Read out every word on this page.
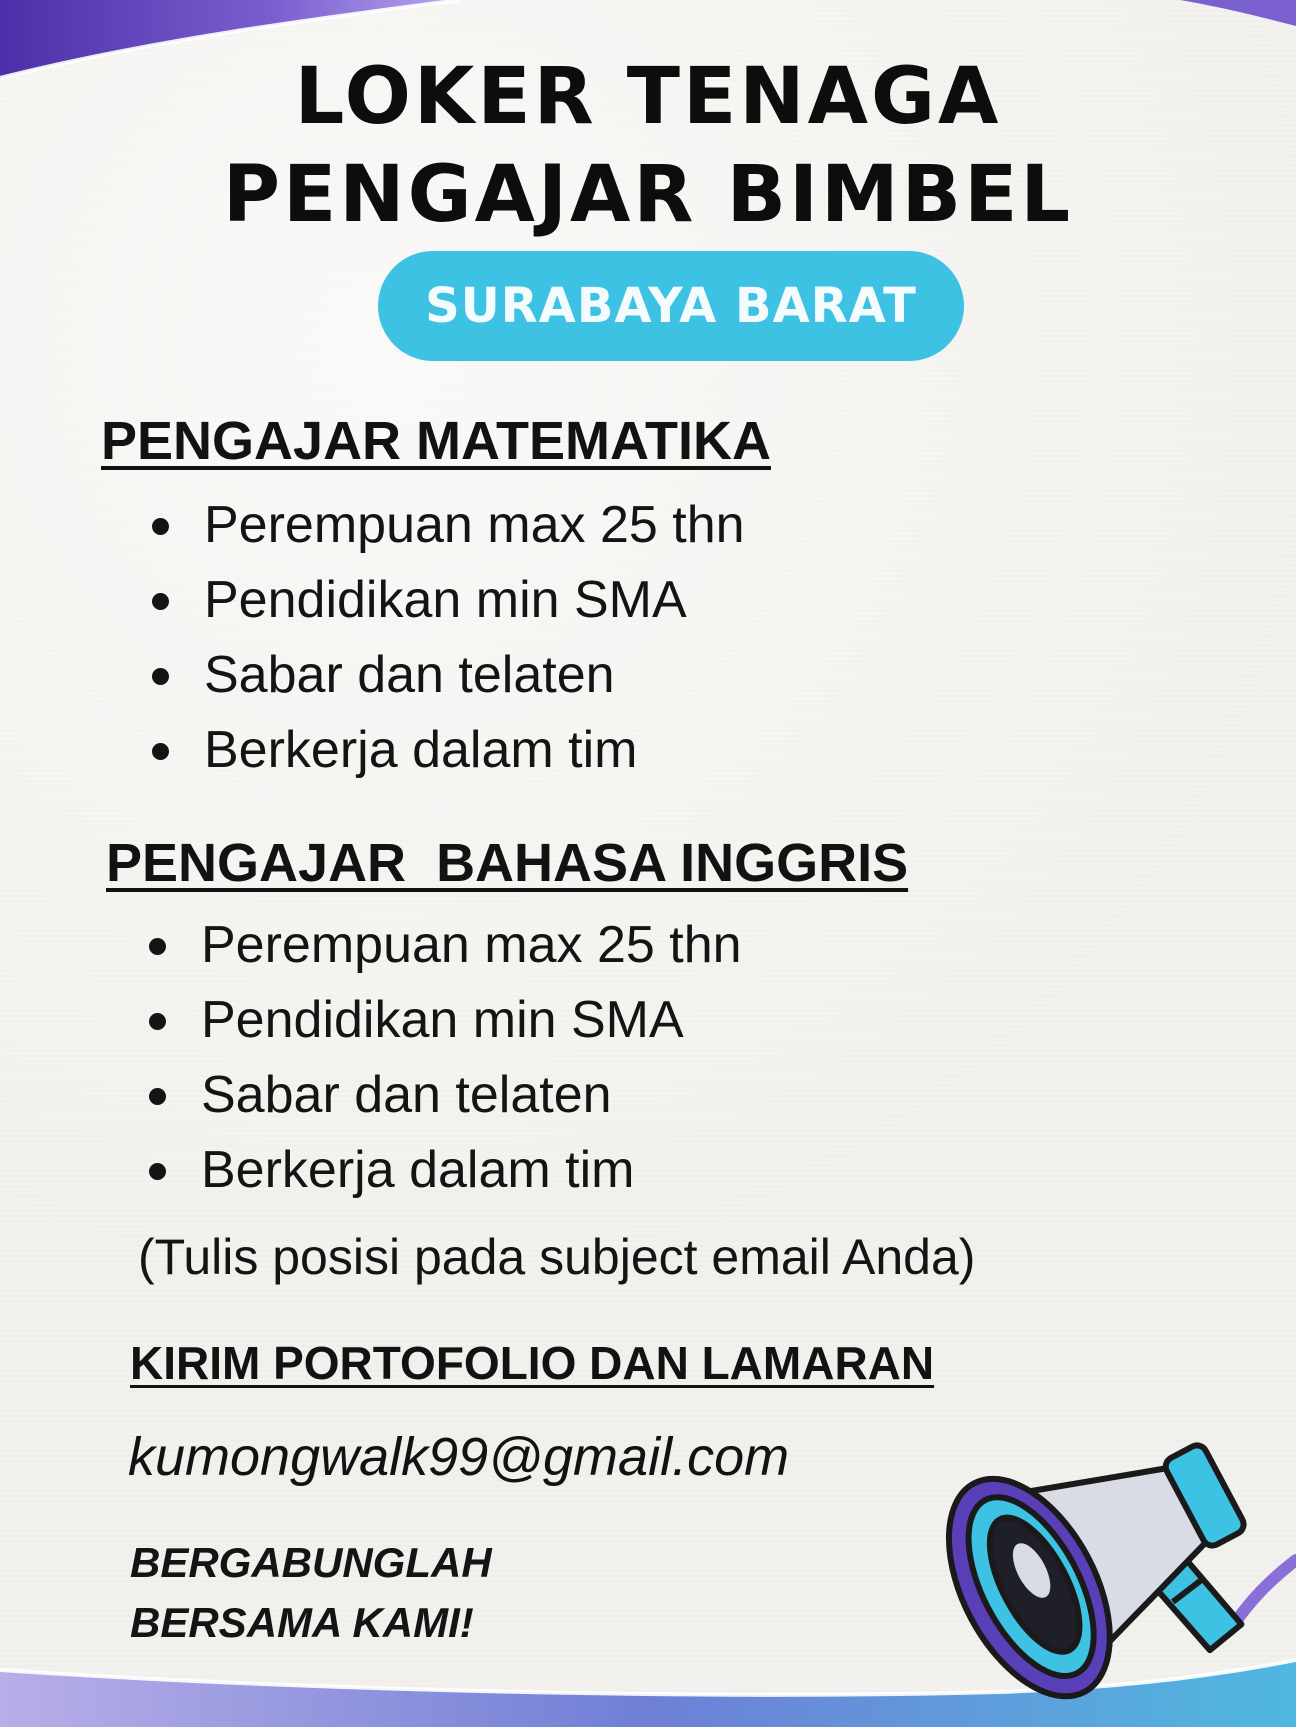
LOKER TENAGA
PENGAJAR BIMBEL
SURABAYA BARAT
PENGAJAR MATEMATIKA
Perempuan max 25 thn
Pendidikan min SMA
Sabar dan telaten
Berkerja dalam tim
PENGAJAR  BAHASA INGGRIS
Perempuan max 25 thn
Pendidikan min SMA
Sabar dan telaten
Berkerja dalam tim
(Tulis posisi pada subject email Anda)
KIRIM PORTOFOLIO DAN LAMARAN
kumongwalk99@gmail.com
BERGABUNGLAH
BERSAMA KAMI!
